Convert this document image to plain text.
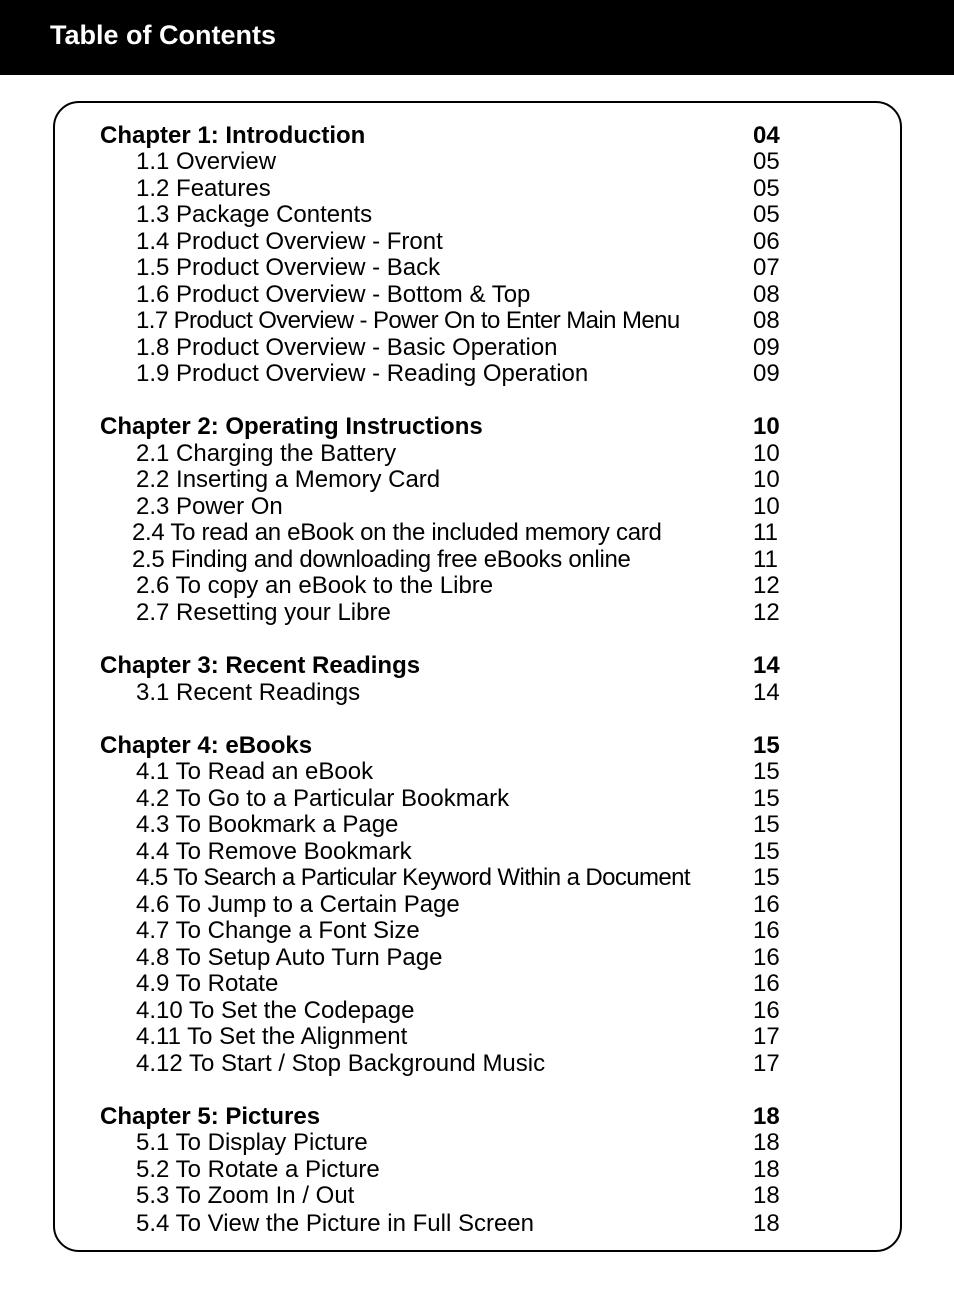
Table of Contents
Chapter 1: Introduction	04
1.1 Overview	05
1.2 Features	05
1.3 Package Contents	05
1.4 Product Overview - Front	06
1.5 Product Overview - Back	07
1.6 Product Overview - Bottom & Top	08
1.7 Product Overview - Power On to Enter Main Menu	08
1.8 Product Overview - Basic Operation	09
1.9 Product Overview - Reading Operation	09
Chapter 2: Operating Instructions	10
2.1 Charging the Battery	10
2.2 Inserting a Memory Card	10
2.3 Power On	10
2.4 To read an eBook on the included memory card	11
2.5 Finding and downloading free eBooks online	11
2.6 To copy an eBook to the Libre	12
2.7 Resetting your Libre	12
Chapter 3: Recent Readings	14
3.1 Recent Readings	14
Chapter 4: eBooks	15
4.1 To Read an eBook	15
4.2 To Go to a Particular Bookmark	15
4.3 To Bookmark a Page	15
4.4 To Remove Bookmark	15
4.5 To Search a Particular Keyword Within a Document	15
4.6 To Jump to a Certain Page	16
4.7 To Change a Font Size	16
4.8 To Setup Auto Turn Page	16
4.9 To Rotate	16
4.10 To Set the Codepage	16
4.11 To Set the Alignment	17
4.12 To Start / Stop Background Music	17
Chapter 5: Pictures	18
5.1 To Display Picture	18
5.2 To Rotate a Picture	18
5.3 To Zoom In / Out	18
5.4 To View the Picture in Full Screen	18
